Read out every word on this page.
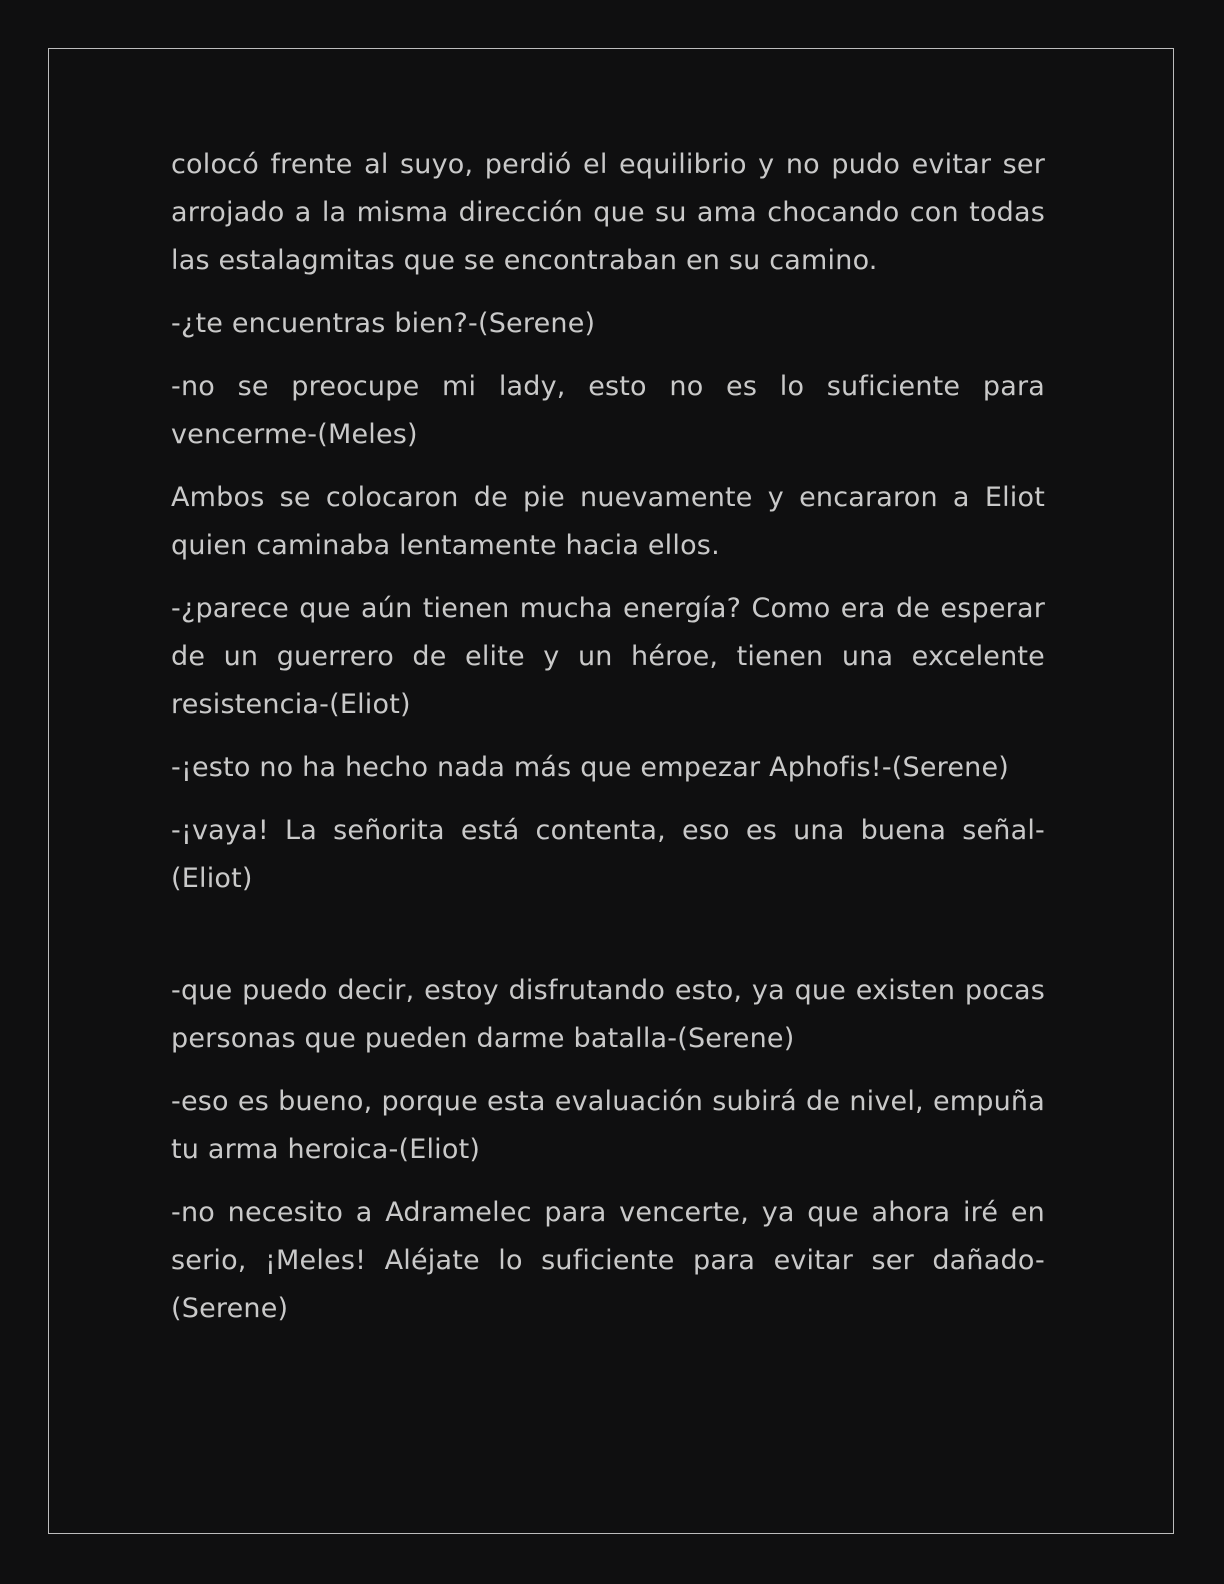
colocó frente al suyo, perdió el equilibrio y no pudo evitar ser arrojado a la misma dirección que su ama chocando con todas las estalagmitas que se encontraban en su camino.

-¿te encuentras bien?-(Serene)

-no se preocupe mi lady, esto no es lo suficiente para vencerme-(Meles)

Ambos se colocaron de pie nuevamente y encararon a Eliot quien caminaba lentamente hacia ellos.

-¿parece que aún tienen mucha energía? Como era de esperar de un guerrero de elite y un héroe, tienen una excelente resistencia-(Eliot)

-¡esto no ha hecho nada más que empezar Aphofis!-(Serene)

-¡vaya! La señorita está contenta, eso es una buena señal-(Eliot)

-que puedo decir, estoy disfrutando esto, ya que existen pocas personas que pueden darme batalla-(Serene)

-eso es bueno, porque esta evaluación subirá de nivel, empuña tu arma heroica-(Eliot)

-no necesito a Adramelec para vencerte, ya que ahora iré en serio, ¡Meles! Aléjate lo suficiente para evitar ser dañado-(Serene)
